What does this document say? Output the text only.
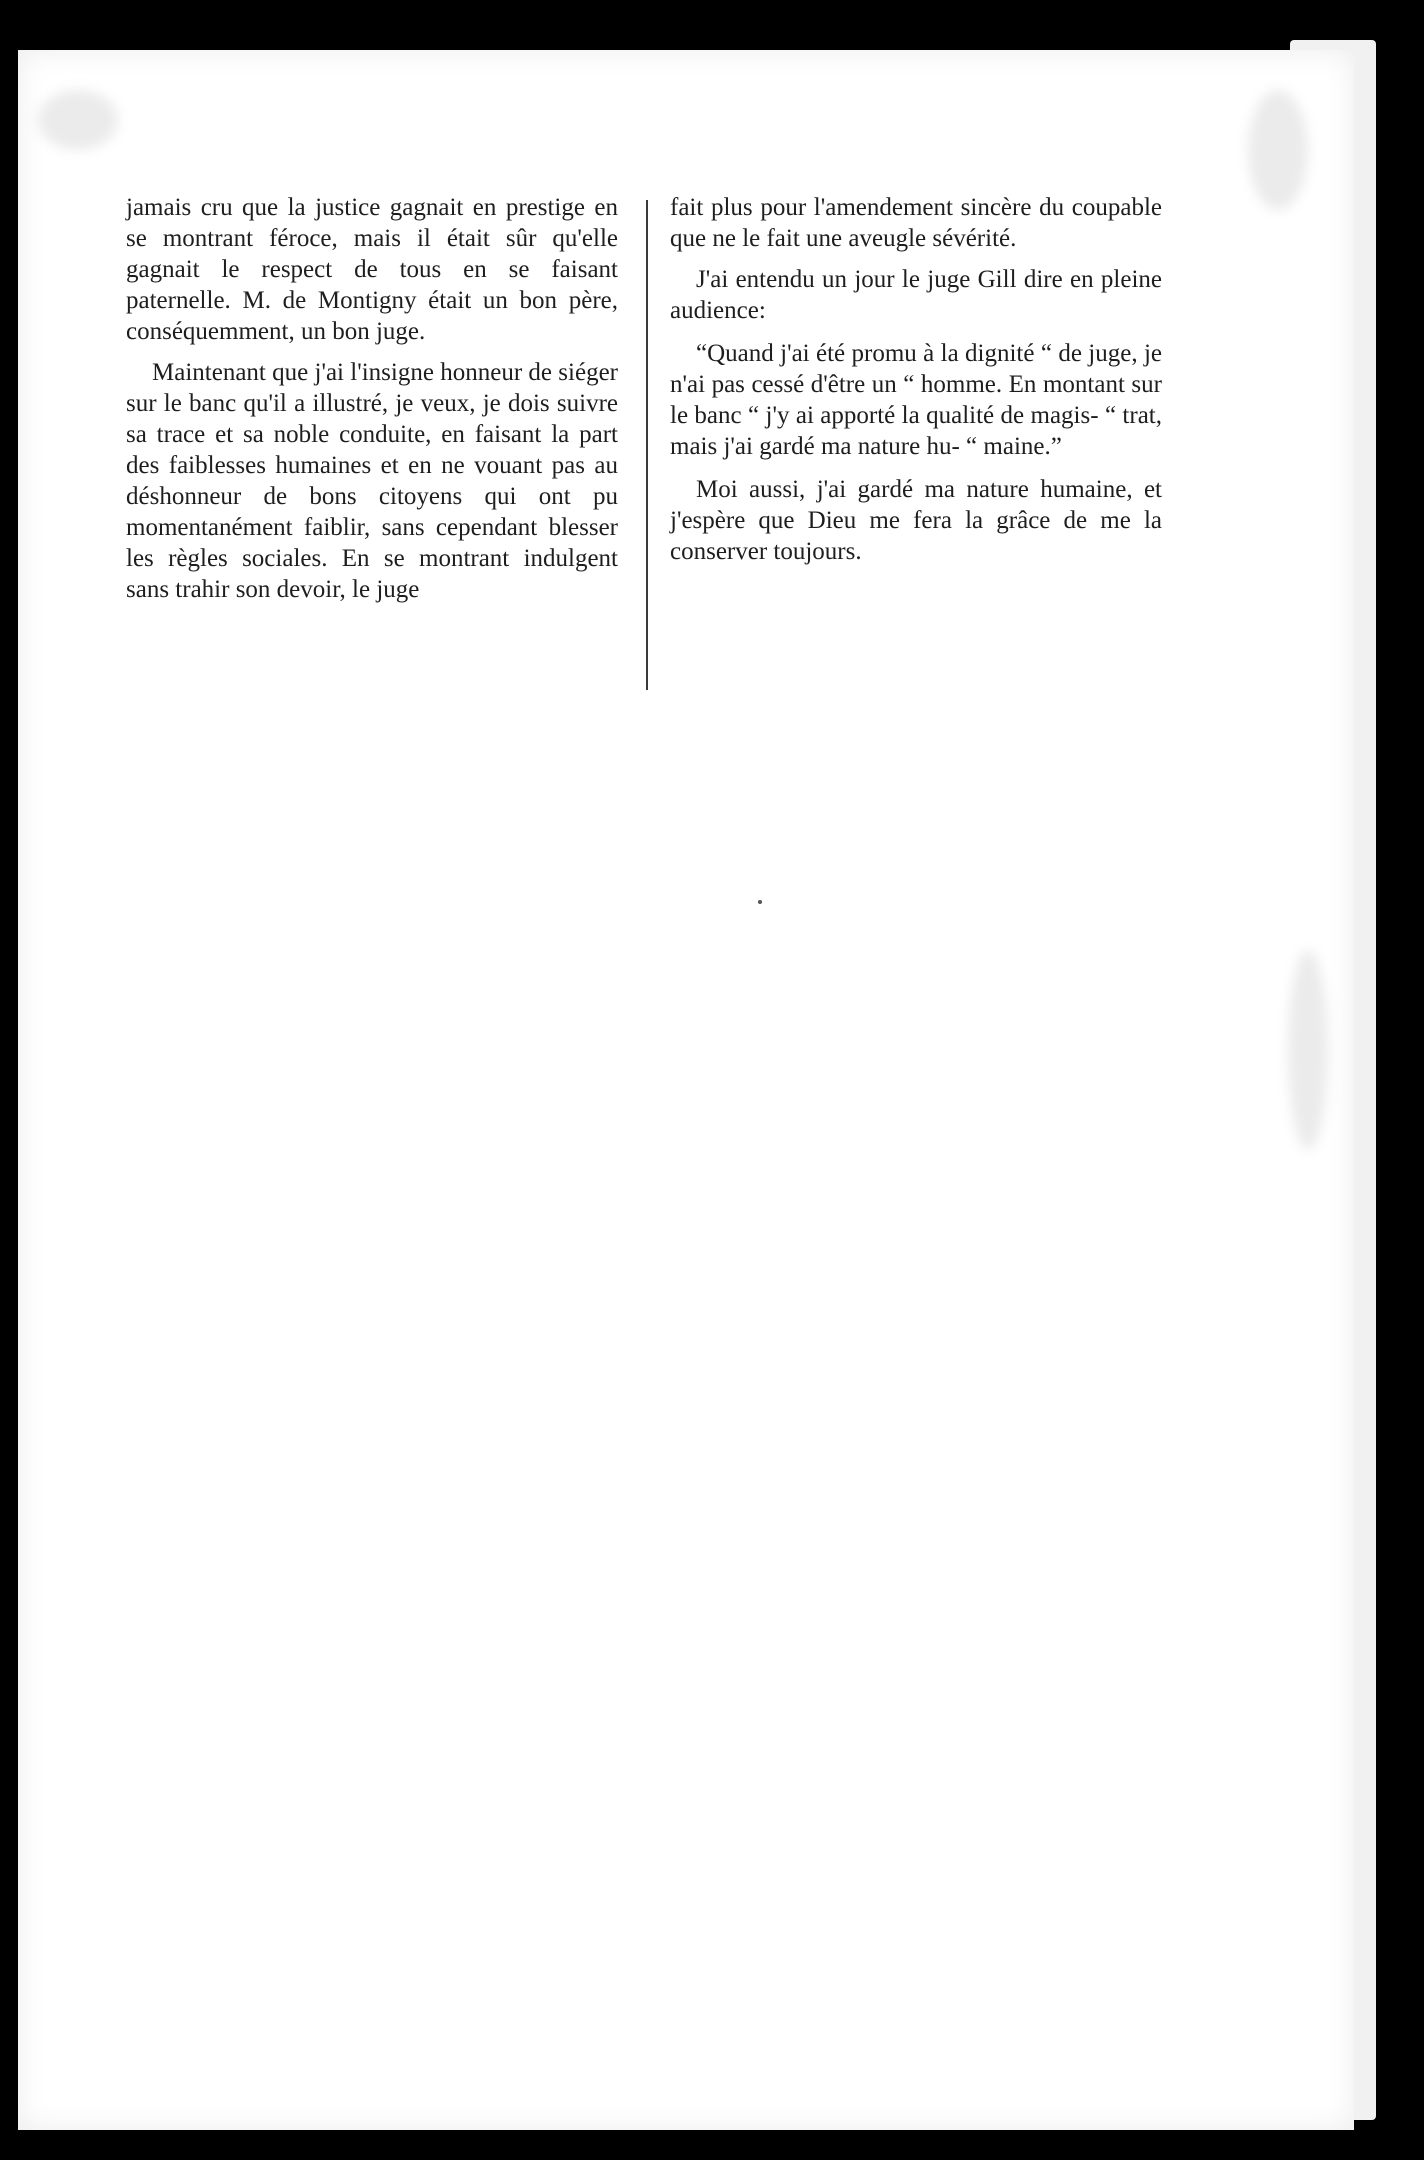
jamais cru que la justice gagnait en prestige en se montrant féroce, mais il était sûr qu'elle gagnait le respect de tous en se faisant paternelle. M. de Montigny était un bon père, conséquemment, un bon juge.

Maintenant que j'ai l'insigne honneur de siéger sur le banc qu'il a illustré, je veux, je dois suivre sa trace et sa noble conduite, en faisant la part des faiblesses humaines et en ne vouant pas au déshonneur de bons citoyens qui ont pu momentanément faiblir, sans cependant blesser les règles sociales. En se montrant indulgent sans trahir son devoir, le juge

fait plus pour l'amendement sincère du coupable que ne le fait une aveugle sévérité.

J'ai entendu un jour le juge Gill dire en pleine audience:

“Quand j'ai été promu à la dignité “ de juge, je n'ai pas cessé d'être un “ homme. En montant sur le banc “ j'y ai apporté la qualité de magis- “ trat, mais j'ai gardé ma nature hu- “ maine.”

Moi aussi, j'ai gardé ma nature humaine, et j'espère que Dieu me fera la grâce de me la conserver toujours.
